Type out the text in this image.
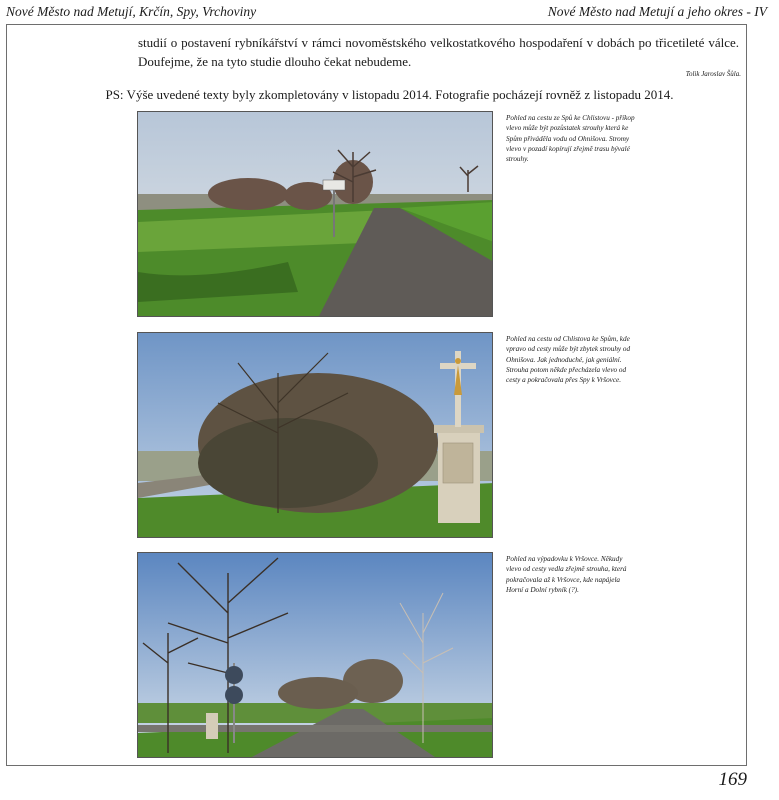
Nové Město nad Metují, Krčín, Spy, Vrchoviny	Nové Město nad Metují a jeho okres - IV

studií o postavení rybníkářství v rámci novoměstského velkostatkového hospodaření v dobách po třicetileté válce. Doufejme, že na tyto studie dlouho čekat nebudeme.

Tolik Jaroslav Šůla.

PS: Výše uvedené texty byly zkompletovány v listopadu 2014. Fotografie pocházejí rovněž z listopadu 2014.

Pohled na cestu ze Spů ke Chlistovu - příkop vlevo může být pozůstatek strouhy která ke Spům přiváděla vodu od Ohnišova. Stromy vlevo v pozadí kopírují zřejmě trasu bývalé strouhy.

Pohled na cestu od Chlistova ke Spům, kde vpravo od cesty může být zbytek strouhy od Ohnišova. Jak jednoduché, jak geniální. Strouha potom někde přecházela vlevo od cesty a pokračovala přes Spy k Vršovce.

Pohled na výpadovku k Vršovce. Někudy vlevo od cesty vedla zřejmě strouha, která pokračovala až k Vršovce, kde napájela Horní a Dolní rybník (?).

169
